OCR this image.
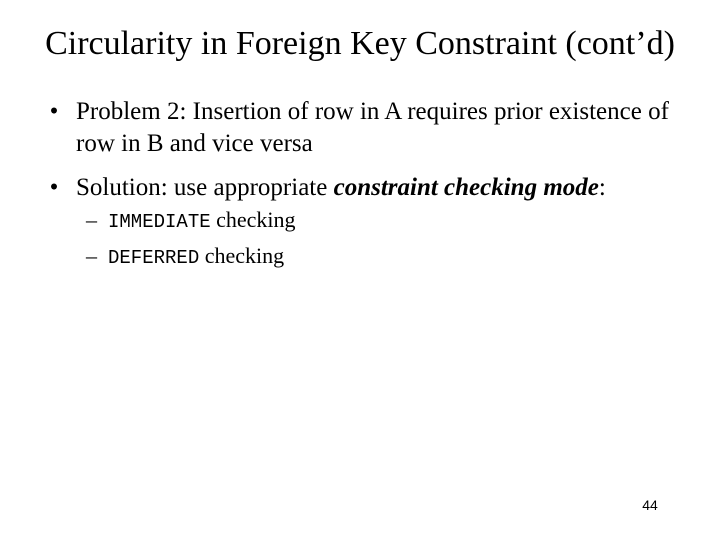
Circularity in Foreign Key Constraint (cont’d)
• Problem 2: Insertion of row in A requires prior existence of row in B and vice versa
• Solution: use appropriate constraint checking mode:
– IMMEDIATE checking
– DEFERRED checking
44
